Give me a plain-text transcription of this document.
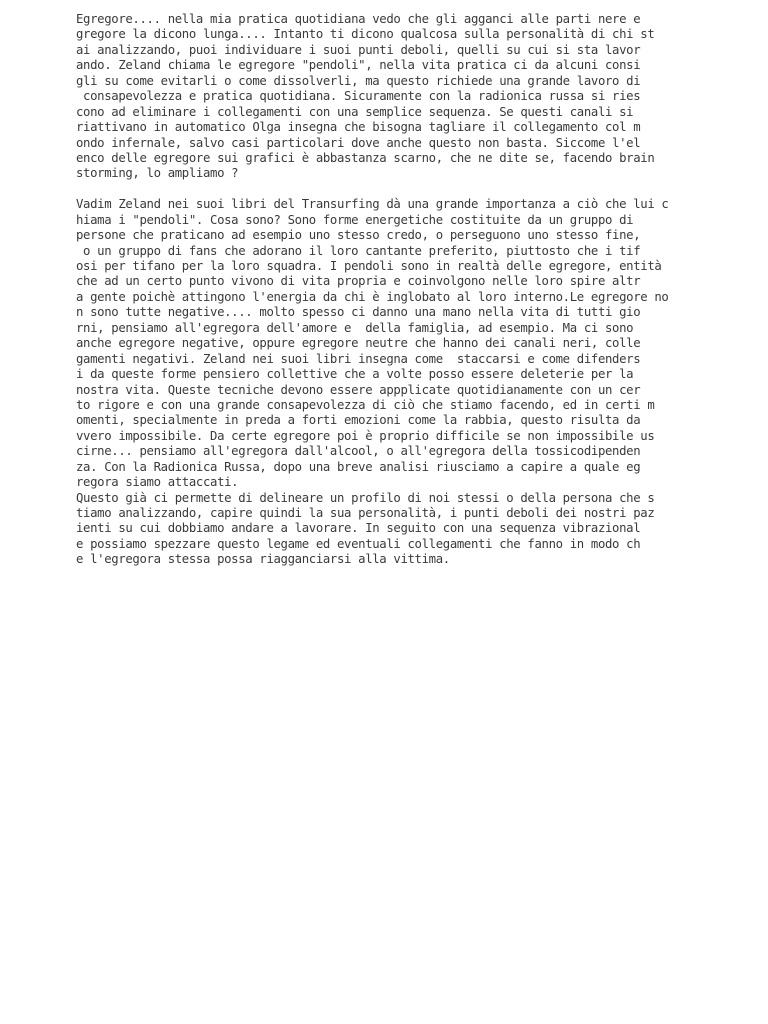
Egregore.... nella mia pratica quotidiana vedo che gli agganci alle parti nere e
gregore la dicono lunga.... Intanto ti dicono qualcosa sulla personalità di chi st
ai analizzando, puoi individuare i suoi punti deboli, quelli su cui si sta lavor
ando. Zeland chiama le egregore "pendoli", nella vita pratica ci da alcuni consi
gli su come evitarli o come dissolverli, ma questo richiede una grande lavoro di
consapevolezza e pratica quotidiana. Sicuramente con la radionica russa si ries
cono ad eliminare i collegamenti con una semplice sequenza. Se questi canali si
riattivano in automatico Olga insegna che bisogna tagliare il collegamento col m
ondo infernale, salvo casi particolari dove anche questo non basta. Siccome l'el
enco delle egregore sui grafici è abbastanza scarno, che ne dite se, facendo brain
storming, lo ampliamo ?
Vadim Zeland nei suoi libri del Transurfing dà una grande importanza a ciò che lui c
hiama i "pendoli". Cosa sono? Sono forme energetiche costituite da un gruppo di
persone che praticano ad esempio uno stesso credo, o perseguono uno stesso fine,
o un gruppo di fans che adorano il loro cantante preferito, piuttosto che i tif
osi per tifano per la loro squadra. I pendoli sono in realtà delle egregore, entità
che ad un certo punto vivono di vita propria e coinvolgono nelle loro spire altr
a gente poichè attingono l'energia da chi è inglobato al loro interno.Le egregore no
n sono tutte negative.... molto spesso ci danno una mano nella vita di tutti gio
rni, pensiamo all'egregora dell'amore e  della famiglia, ad esempio. Ma ci sono
anche egregore negative, oppure egregore neutre che hanno dei canali neri, colle
gamenti negativi. Zeland nei suoi libri insegna come  staccarsi e come difenders
i da queste forme pensiero collettive che a volte posso essere deleterie per la
nostra vita. Queste tecniche devono essere appplicate quotidianamente con un cer
to rigore e con una grande consapevolezza di ciò che stiamo facendo, ed in certi m
omenti, specialmente in preda a forti emozioni come la rabbia, questo risulta da
vvero impossibile. Da certe egregore poi è proprio difficile se non impossibile us
cirne... pensiamo all'egregora dall'alcool, o all'egregora della tossicodipenden
za. Con la Radionica Russa, dopo una breve analisi riusciamo a capire a quale eg
regora siamo attaccati.
Questo già ci permette di delineare un profilo di noi stessi o della persona che s
tiamo analizzando, capire quindi la sua personalità, i punti deboli dei nostri paz
ienti su cui dobbiamo andare a lavorare. In seguito con una sequenza vibrazional
e possiamo spezzare questo legame ed eventuali collegamenti che fanno in modo ch
e l'egregora stessa possa riagganciarsi alla vittima.
